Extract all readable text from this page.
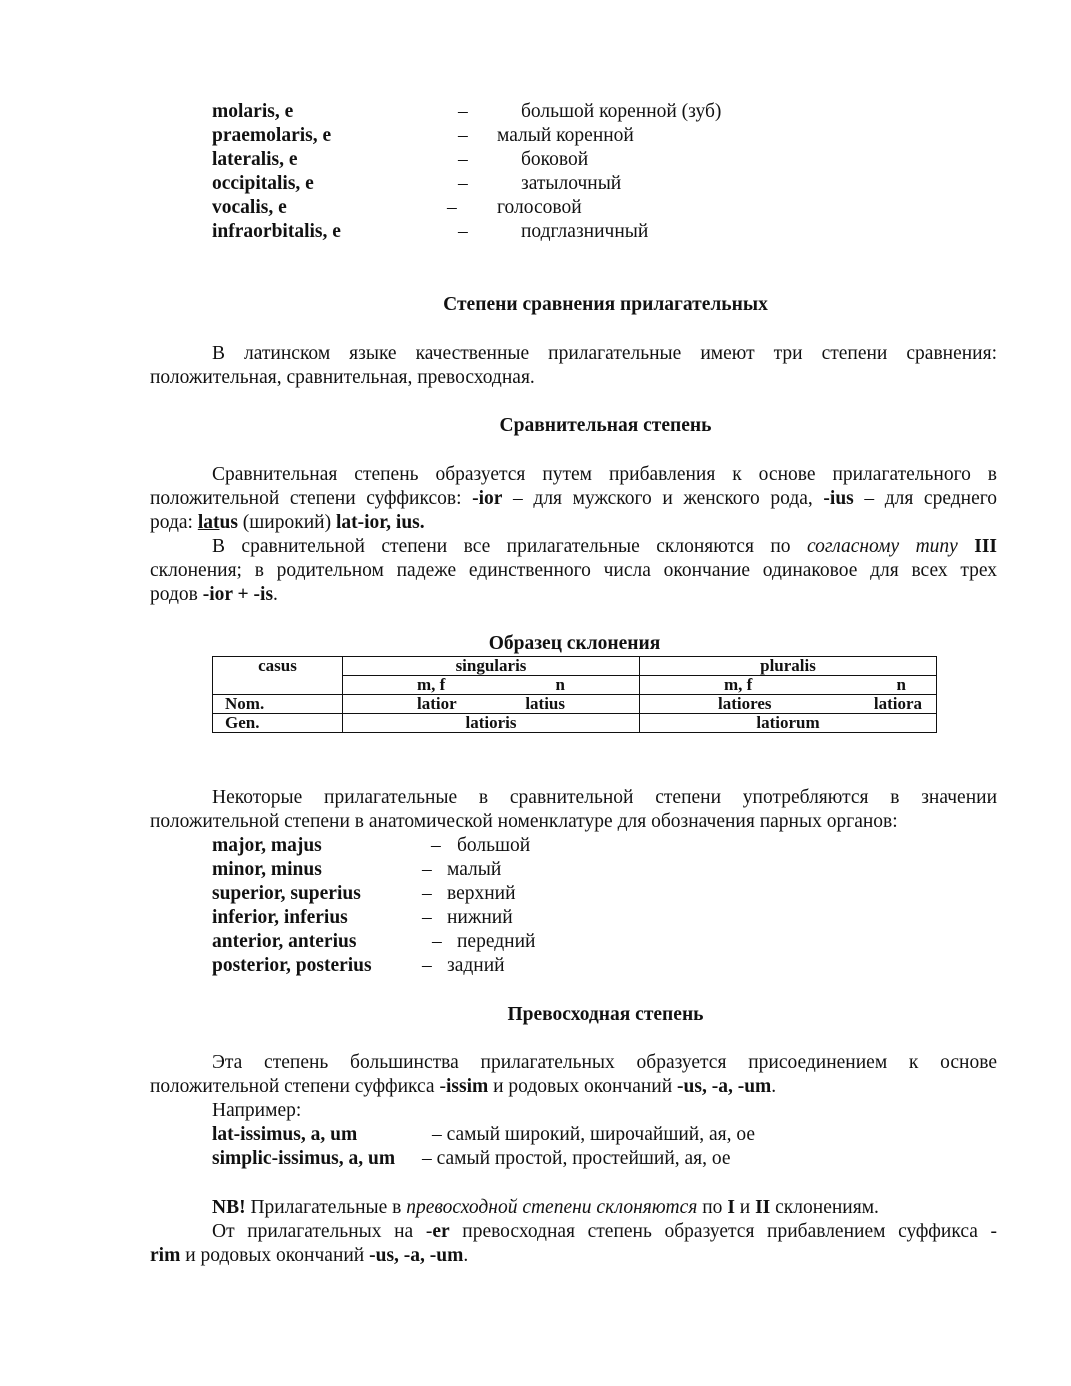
molaris, e	–	большой коренной (зуб)
praemolaris, e	– малый коренной
lateralis, e	–	боковой
occipitalis, e	–	затылочный
vocalis, e	– голосовой
infraorbitalis, e	–	подглазничный
Степени сравнения прилагательных
В латинском языке качественные прилагательные имеют три степени сравнения:
положительная, сравнительная, превосходная.
Сравнительная степень
Сравнительная степень образуется путем прибавления к основе прилагательного в
положительной степени суффиксов: -ior – для мужского и женского рода, -ius – для среднего
рода: latus (широкий) lat-ior, ius.
В сравнительной степени все прилагательные склоняются по согласному типу III
склонения; в родительном падеже единственного числа окончание одинаковое для всех трех
родов -ior + -is.
Образец склонения
casus	singularis	pluralis

	m, f n	m, f n

Nom.	latior latius	latiores latiora

Gen.	latioris	latiorum
Некоторые прилагательные в сравнительной степени употребляются в значении
положительной степени в анатомической номенклатуре для обозначения парных органов:
major, majus	– большой
minor, minus	– малый
superior, superius	– верхний
inferior, inferius	– нижний
anterior, anterius	– передний
posterior, posterius	– задний
Превосходная степень
Эта степень большинства прилагательных образуется присоединением к основе
положительной степени суффикса -issim и родовых окончаний -us, -a, -um.
Например:
lat-issimus, a, um	– самый широкий, широчайший, ая, ое
simplic-issimus, a, um – самый простой, простейший, ая, ое
NB! Прилагательные в превосходной степени склоняются по I и II склонениям.
От прилагательных на -er превосходная степень образуется прибавлением суффикса -
rim и родовых окончаний -us, -a, -um.
